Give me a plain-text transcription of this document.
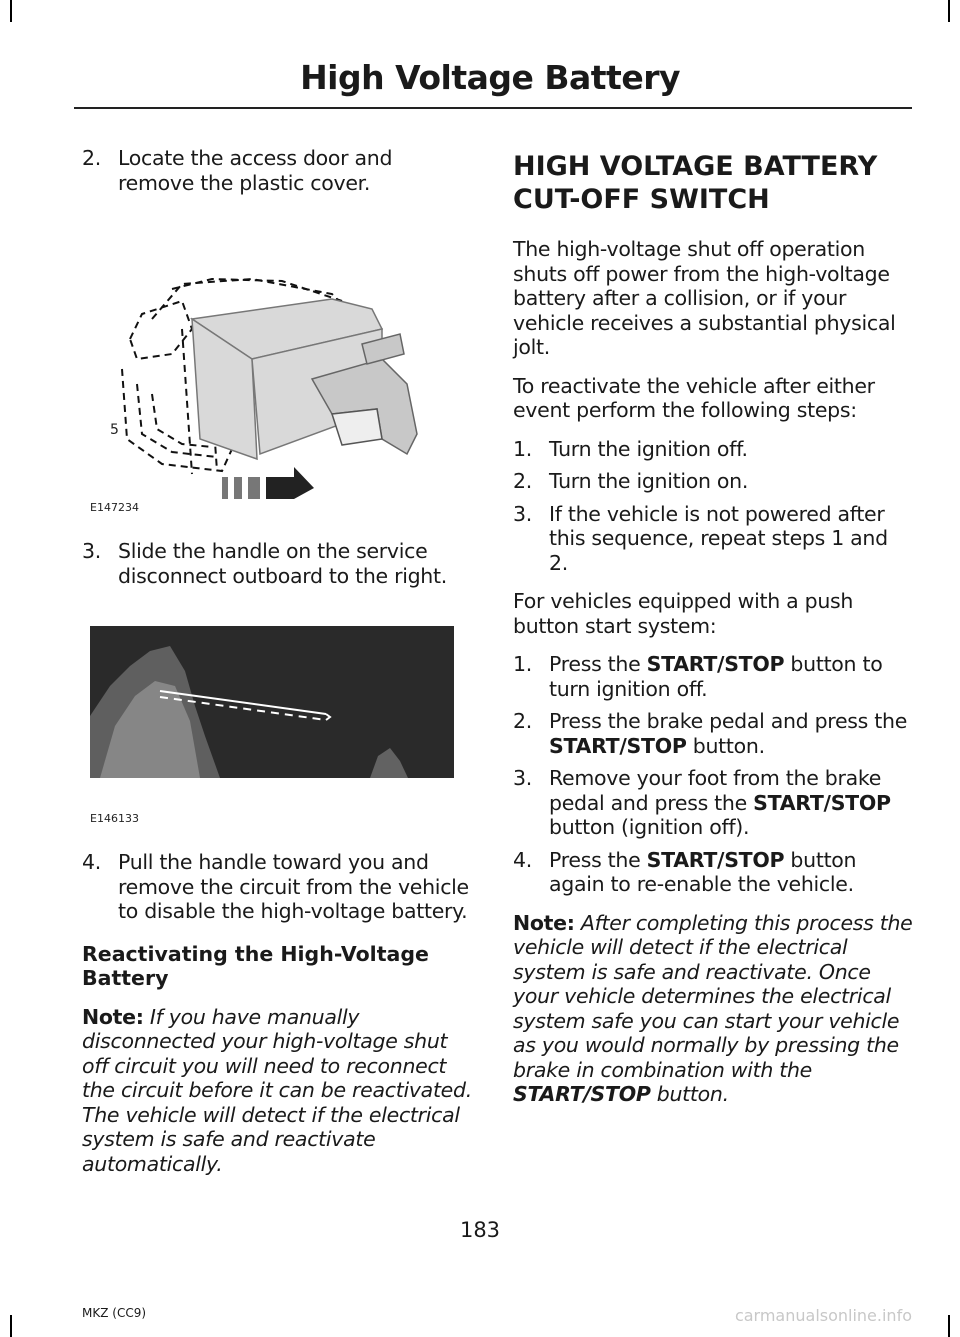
High Voltage Battery
2. Locate the access door and remove the plastic cover.
5
E147234
3. Slide the handle on the service disconnect outboard to the right.
E146133
4. Pull the handle toward you and remove the circuit from the vehicle to disable the high-voltage battery.
Reactivating the High-Voltage Battery

Note: If you have manually disconnected your high-voltage shut off circuit you will need to reconnect the circuit before it can be reactivated. The vehicle will detect if the electrical system is safe and reactivate automatically.

HIGH VOLTAGE BATTERY
CUT-OFF SWITCH

The high-voltage shut off operation shuts off power from the high-voltage battery after a collision, or if your vehicle receives a substantial physical jolt.

To reactivate the vehicle after either event perform the following steps:

1. Turn the ignition off.
2. Turn the ignition on.
3. If the vehicle is not powered after this sequence, repeat steps 1 and 2.

For vehicles equipped with a push button start system:

1. Press the START/STOP button to turn ignition off.
2. Press the brake pedal and press the START/STOP button.
3. Remove your foot from the brake pedal and press the START/STOP button (ignition off).
4. Press the START/STOP button again to re-enable the vehicle.

Note: After completing this process the vehicle will detect if the electrical system is safe and reactivate. Once your vehicle determines the electrical system safe you can start your vehicle as you would normally by pressing the brake in combination with the START/STOP button.

183
MKZ (CC9)	carmanualsonline.info
